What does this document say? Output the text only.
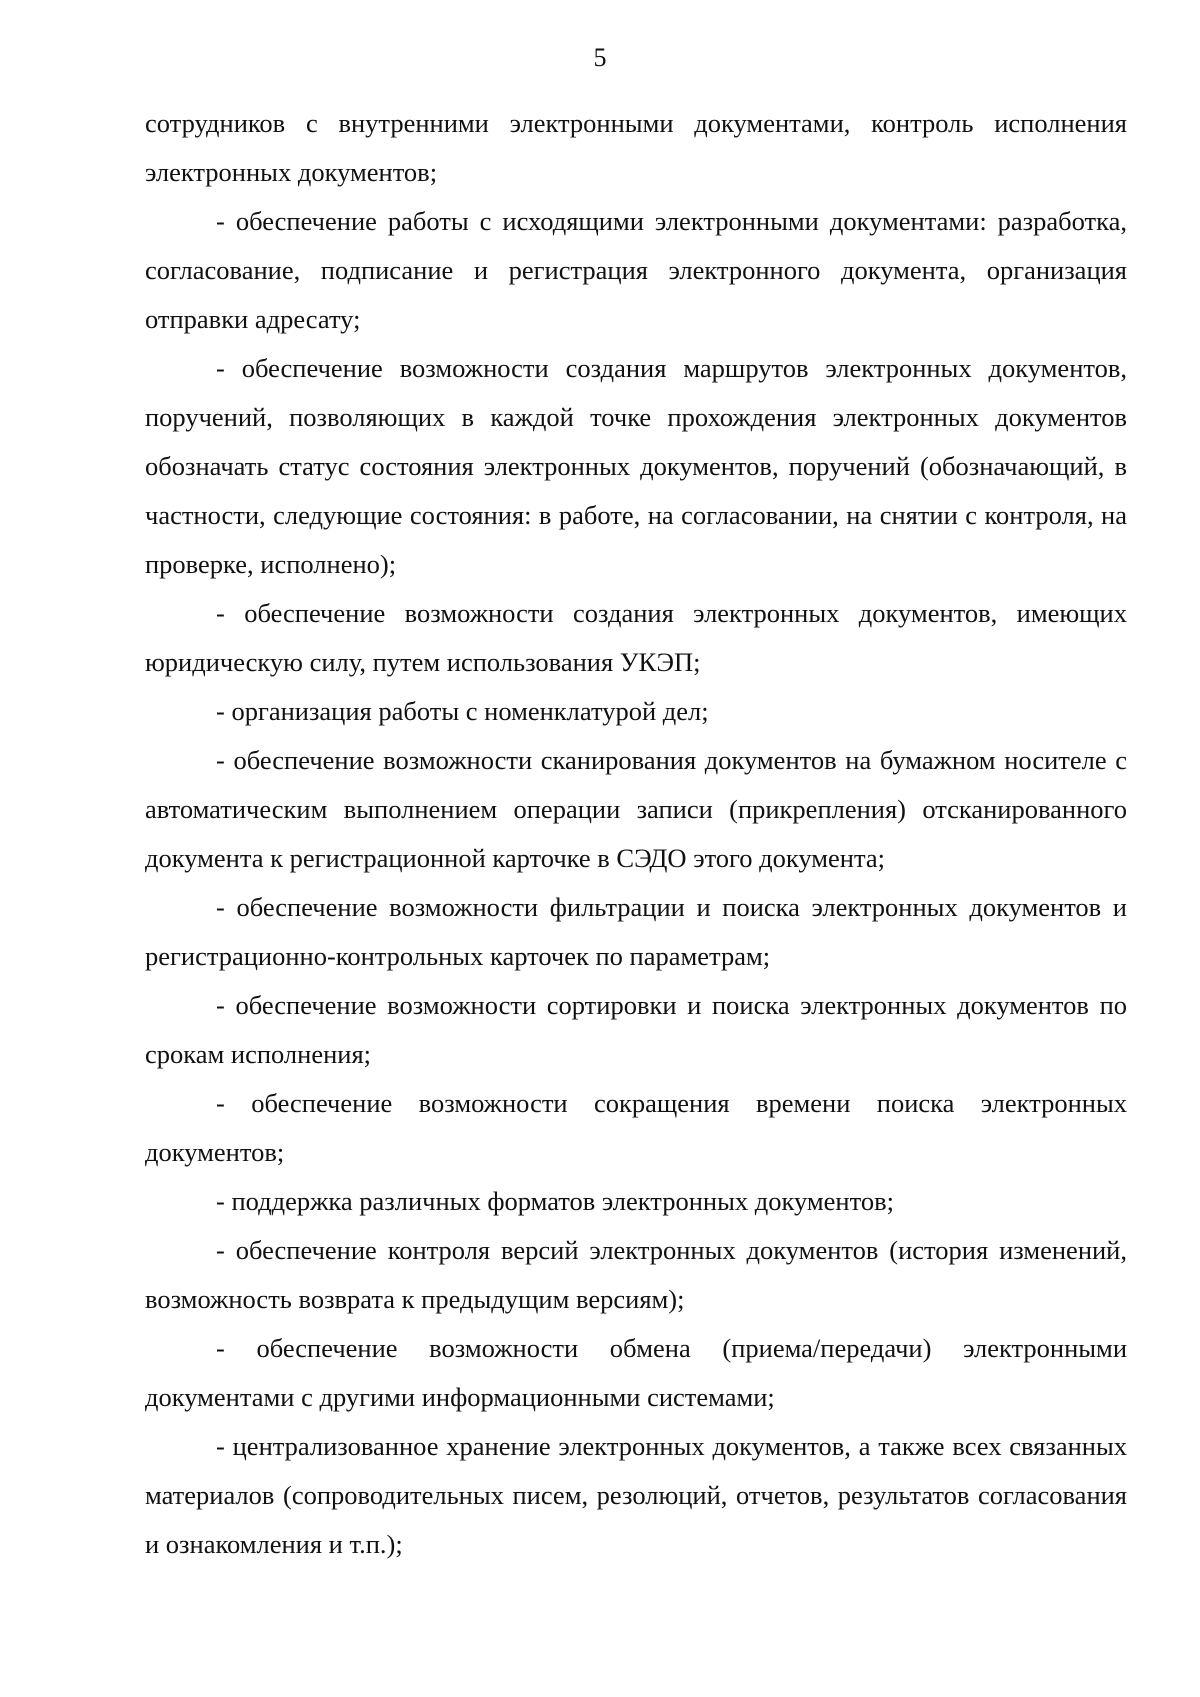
5

сотрудников с внутренними электронными документами, контроль исполнения электронных документов;

- обеспечение работы с исходящими электронными документами: разработка, согласование, подписание и регистрация электронного документа, организация отправки адресату;

- обеспечение возможности создания маршрутов электронных документов, поручений, позволяющих в каждой точке прохождения электронных документов обозначать статус состояния электронных документов, поручений (обозначающий, в частности, следующие состояния: в работе, на согласовании, на снятии с контроля, на проверке, исполнено);

- обеспечение возможности создания электронных документов, имеющих юридическую силу, путем использования УКЭП;

- организация работы с номенклатурой дел;

- обеспечение возможности сканирования документов на бумажном носителе с автоматическим выполнением операции записи (прикрепления) отсканированного документа к регистрационной карточке в СЭДО этого документа;

- обеспечение возможности фильтрации и поиска электронных документов и регистрационно-контрольных карточек по параметрам;

- обеспечение возможности сортировки и поиска электронных документов по срокам исполнения;

- обеспечение возможности сокращения времени поиска электронных документов;

- поддержка различных форматов электронных документов;

- обеспечение контроля версий электронных документов (история изменений, возможность возврата к предыдущим версиям);

- обеспечение возможности обмена (приема/передачи) электронными документами с другими информационными системами;

- централизованное хранение электронных документов, а также всех связанных материалов (сопроводительных писем, резолюций, отчетов, результатов согласования и ознакомления и т.п.);
